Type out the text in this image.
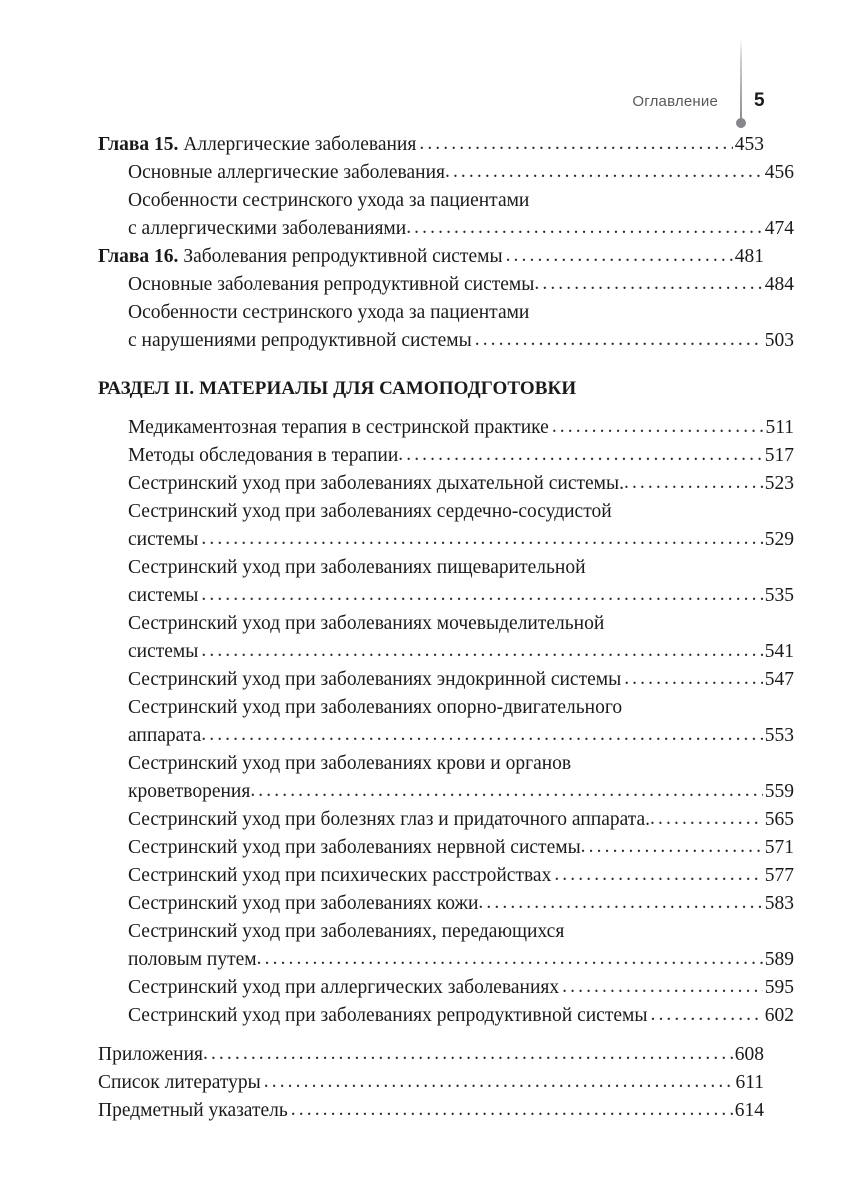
Оглавление 5
Глава 15. Аллергические заболевания .....	453
Основные аллергические заболевания .....	456
Особенности сестринского ухода за пациентами
с аллергическими заболеваниями .....	474
Глава 16. Заболевания репродуктивной системы .....	481
Основные заболевания репродуктивной системы .....	484
Особенности сестринского ухода за пациентами
с нарушениями репродуктивной системы .....	503
РАЗДЕЛ II. МАТЕРИАЛЫ ДЛЯ САМОПОДГОТОВКИ
Медикаментозная терапия в сестринской практике .....	511
Методы обследования в терапии .....	517
Сестринский уход при заболеваниях дыхательной системы. .....	523
Сестринский уход при заболеваниях сердечно-сосудистой
системы .....	529
Сестринский уход при заболеваниях пищеварительной
системы .....	535
Сестринский уход при заболеваниях мочевыделительной
системы .....	541
Сестринский уход при заболеваниях эндокринной системы .....	547
Сестринский уход при заболеваниях опорно-двигательного
аппарата .....	553
Сестринский уход при заболеваниях крови и органов
кроветворения .....	559
Сестринский уход при болезнях глаз и придаточного аппарата. .....	565
Сестринский уход при заболеваниях нервной системы .....	571
Сестринский уход при психических расстройствах .....	577
Сестринский уход при заболеваниях кожи .....	583
Сестринский уход при заболеваниях, передающихся
половым путем .....	589
Сестринский уход при аллергических заболеваниях .....	595
Сестринский уход при заболеваниях репродуктивной системы .....	602
Приложения .....	608
Список литературы .....	611
Предметный указатель .....	614
